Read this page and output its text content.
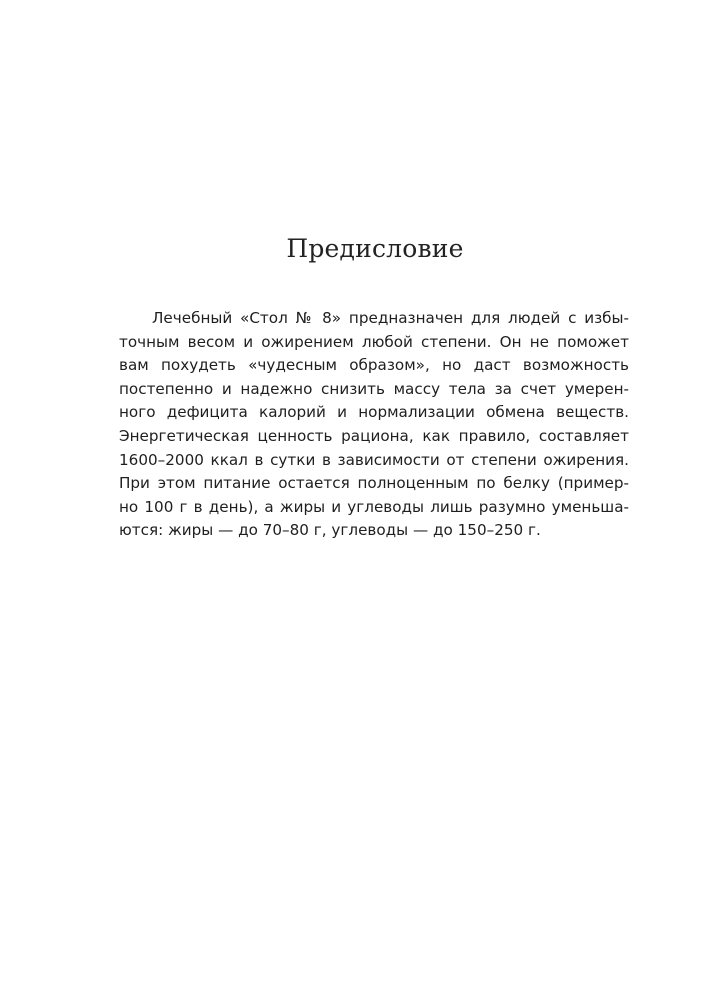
Предисловие
Лечебный «Стол № 8» предназначен для людей с избы-
точным весом и ожирением любой степени. Он не поможет
вам похудеть «чудесным образом», но даст возможность
постепенно и надежно снизить массу тела за счет умерен-
ного дефицита калорий и нормализации обмена веществ.
Энергетическая ценность рациона, как правило, составляет
1600–2000 ккал в сутки в зависимости от степени ожирения.
При этом питание остается полноценным по белку (пример-
но 100 г в день), а жиры и углеводы лишь разумно уменьша-
ются: жиры — до 70–80 г, углеводы — до 150–250 г.
